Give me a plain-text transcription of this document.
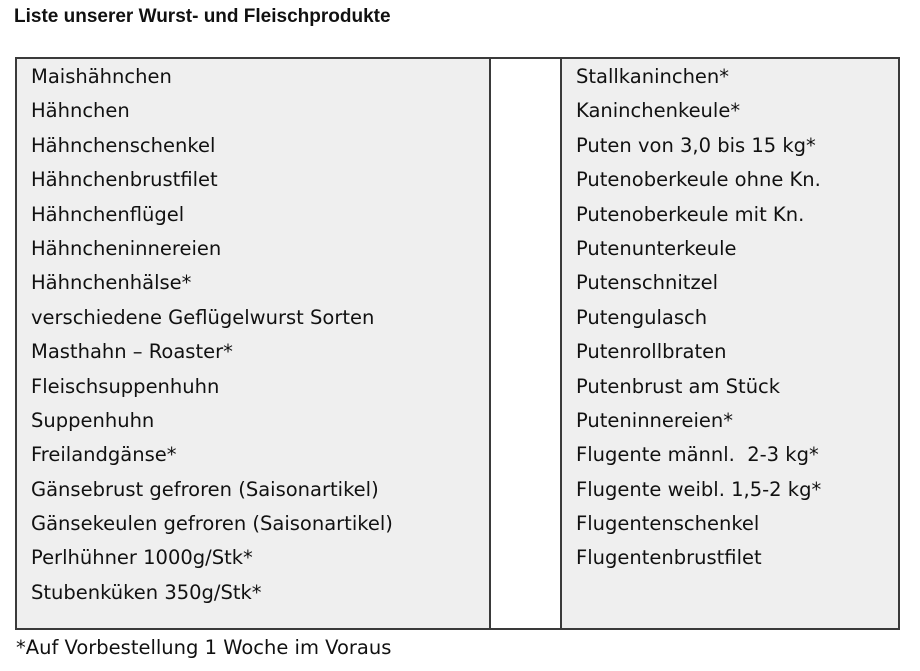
Liste unserer Wurst- und Fleischprodukte
Maishähnchen
Hähnchen
Hähnchenschenkel
Hähnchenbrustfilet
Hähnchenflügel
Hähncheninnereien
Hähnchenhälse*
verschiedene Geflügelwurst Sorten
Masthahn – Roaster*
Fleischsuppenhuhn
Suppenhuhn
Freilandgänse*
Gänsebrust gefroren (Saisonartikel)
Gänsekeulen gefroren (Saisonartikel)
Perlhühner 1000g/Stk*
Stubenküken 350g/Stk*
Stallkaninchen*
Kaninchenkeule*
Puten von 3,0 bis 15 kg*
Putenoberkeule ohne Kn.
Putenoberkeule mit Kn.
Putenunterkeule
Putenschnitzel
Putengulasch
Putenrollbraten
Putenbrust am Stück
Puteninnereien*
Flugente männl.  2-3 kg*
Flugente weibl. 1,5-2 kg*
Flugentenschenkel
Flugentenbrustfilet
*Auf Vorbestellung 1 Woche im Voraus
